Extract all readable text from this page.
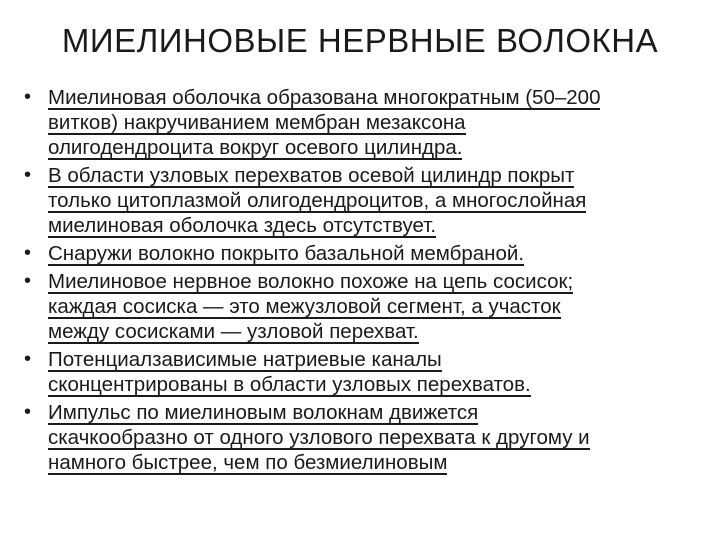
МИЕЛИНОВЫЕ НЕРВНЫЕ ВОЛОКНА
• Миелиновая оболочка образована многократным (50–200
витков) накручиванием мембран мезаксона
олигодендроцита вокруг осевого цилиндра.
• В области узловых перехватов осевой цилиндр покрыт
только цитоплазмой олигодендроцитов, а многослойная
миелиновая оболочка здесь отсутствует.
• Снаружи волокно покрыто базальной мембраной.
• Миелиновое нервное волокно похоже на цепь сосисок;
каждая сосиска — это межузловой сегмент, а участок
между сосисками — узловой перехват.
• Потенциалзависимые натриевые каналы
сконцентрированы в области узловых перехватов.
• Импульс по миелиновым волокнам движется
скачкообразно от одного узлового перехвата к другому и
намного быстрее, чем по безмиелиновым
